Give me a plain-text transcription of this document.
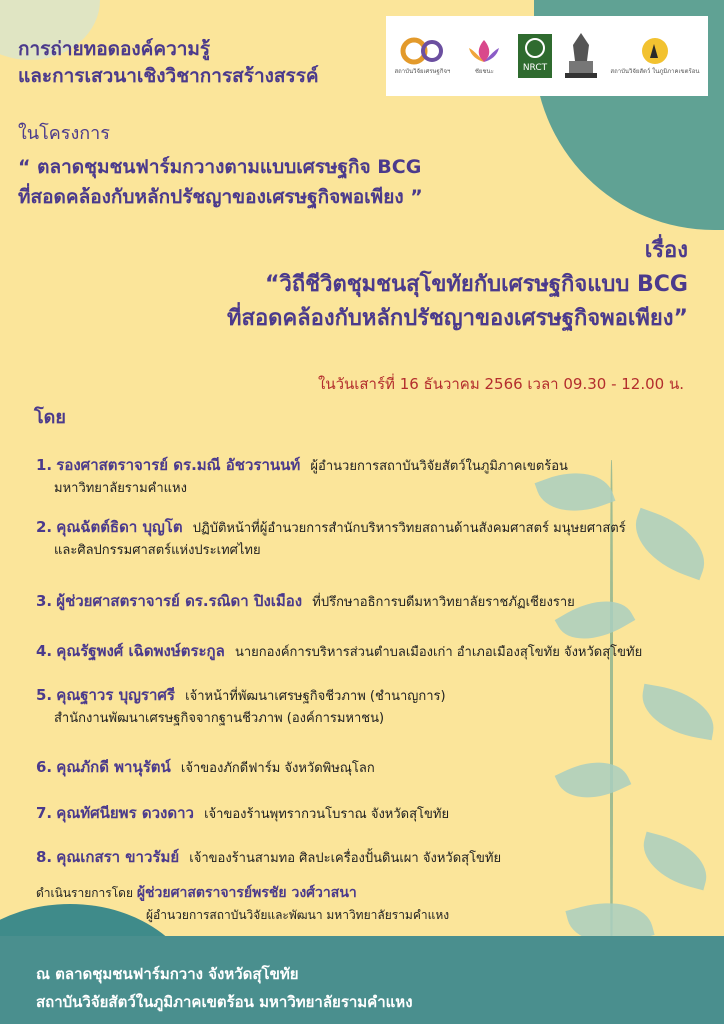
การถ่ายทอดองค์ความรู้
และการเสวนาเชิงวิชาการสร้างสรรค์	สถาบันวิจัยเศรษฐกิจฯ	ชัยชนะ	NRCT	สถาบันวิจัยสัตว์ ในภูมิภาคเขตร้อน
ในโครงการ
“ ตลาดชุมชนฟาร์มกวางตามแบบเศรษฐกิจ BCG
ที่สอดคล้องกับหลักปรัชญาของเศรษฐกิจพอเพียง ”
เรื่อง
“วิถีชีวิตชุมชนสุโขทัยกับเศรษฐกิจแบบ BCG
ที่สอดคล้องกับหลักปรัชญาของเศรษฐกิจพอเพียง”
ในวันเสาร์ที่ 16 ธันวาคม 2566 เวลา 09.30 - 12.00 น.
โดย
1. รองศาสตราจารย์ ดร.มณี อัชวรานนท์ ผู้อำนวยการสถาบันวิจัยสัตว์ในภูมิภาคเขตร้อน
มหาวิทยาลัยรามคำแหง
2. คุณฉัตต์ธิดา บุญโต ปฏิบัติหน้าที่ผู้อำนวยการสำนักบริหารวิทยสถานด้านสังคมศาสตร์ มนุษยศาสตร์
และศิลปกรรมศาสตร์แห่งประเทศไทย
3. ผู้ช่วยศาสตราจารย์ ดร.รณิดา ปิงเมือง ที่ปรึกษาอธิการบดีมหาวิทยาลัยราชภัฏเชียงราย
4. คุณรัฐพงศ์ เฉิดพงษ์ตระกูล นายกองค์การบริหารส่วนตำบลเมืองเก่า อำเภอเมืองสุโขทัย จังหวัดสุโขทัย
5. คุณฐาวร บุญราศรี เจ้าหน้าที่พัฒนาเศรษฐกิจชีวภาพ (ชำนาญการ)
สำนักงานพัฒนาเศรษฐกิจจากฐานชีวภาพ (องค์การมหาชน)
6. คุณภักดี พานุรัตน์ เจ้าของภักดีฟาร์ม จังหวัดพิษณุโลก
7. คุณทัศนียพร ดวงดาว เจ้าของร้านพุทรากวนโบราณ จังหวัดสุโขทัย
8. คุณเกสรา ขาวรัมย์ เจ้าของร้านสามทอ ศิลปะเครื่องปั้นดินเผา จังหวัดสุโขทัย
ดำเนินรายการโดย ผู้ช่วยศาสตราจารย์พรชัย วงศ์วาสนา
ผู้อำนวยการสถาบันวิจัยและพัฒนา มหาวิทยาลัยรามคำแหง
ณ ตลาดชุมชนฟาร์มกวาง จังหวัดสุโขทัย
สถาบันวิจัยสัตว์ในภูมิภาคเขตร้อน มหาวิทยาลัยรามคำแหง
